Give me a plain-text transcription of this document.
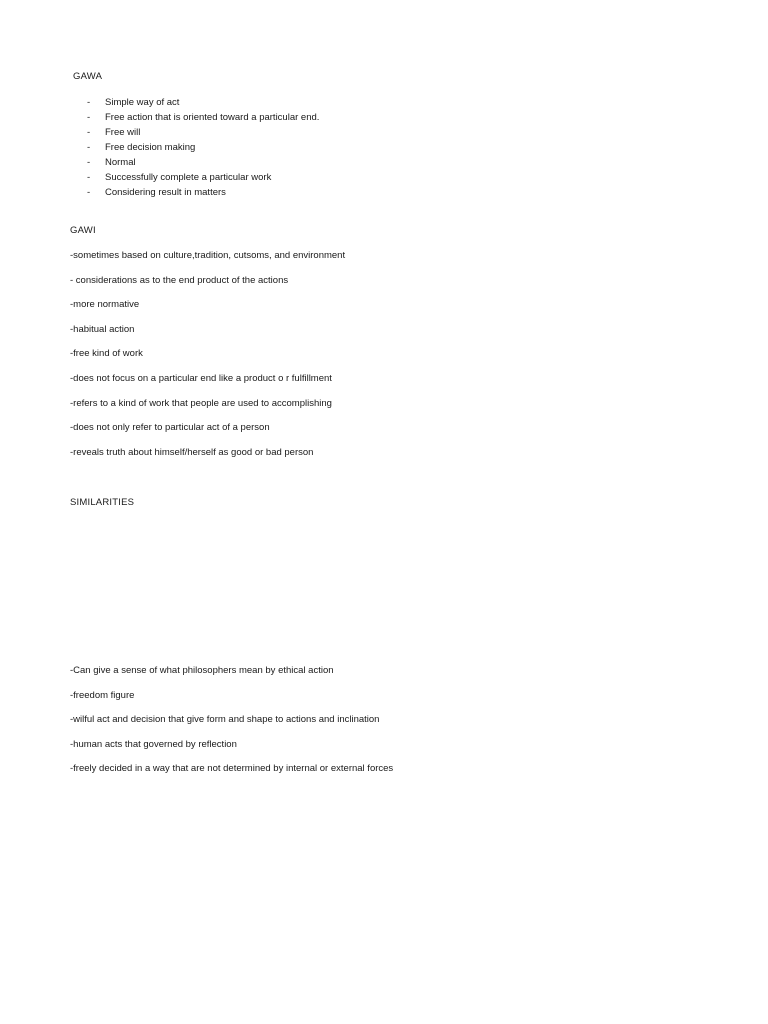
GAWA

- Simple way of act
- Free action that is oriented toward a particular end.
- Free will
- Free decision making
- Normal
- Successfully complete a particular work
- Considering result in matters

GAWI

-sometimes based on culture,tradition, cutsoms, and environment
- considerations as to the end product of the actions
-more normative
-habitual action
-free kind of work
-does not focus on a particular end like a product o r fulfillment
-refers to a kind of work that people are used to accomplishing
-does not only refer to particular act of a person
-reveals truth about himself/herself as good or bad person

SIMILARITIES

-Can give a sense of what philosophers mean by ethical action
-freedom figure
-wilful act and decision that give form and shape to actions and inclination
-human acts that governed by reflection
-freely decided in a way that are not determined by internal or external forces
